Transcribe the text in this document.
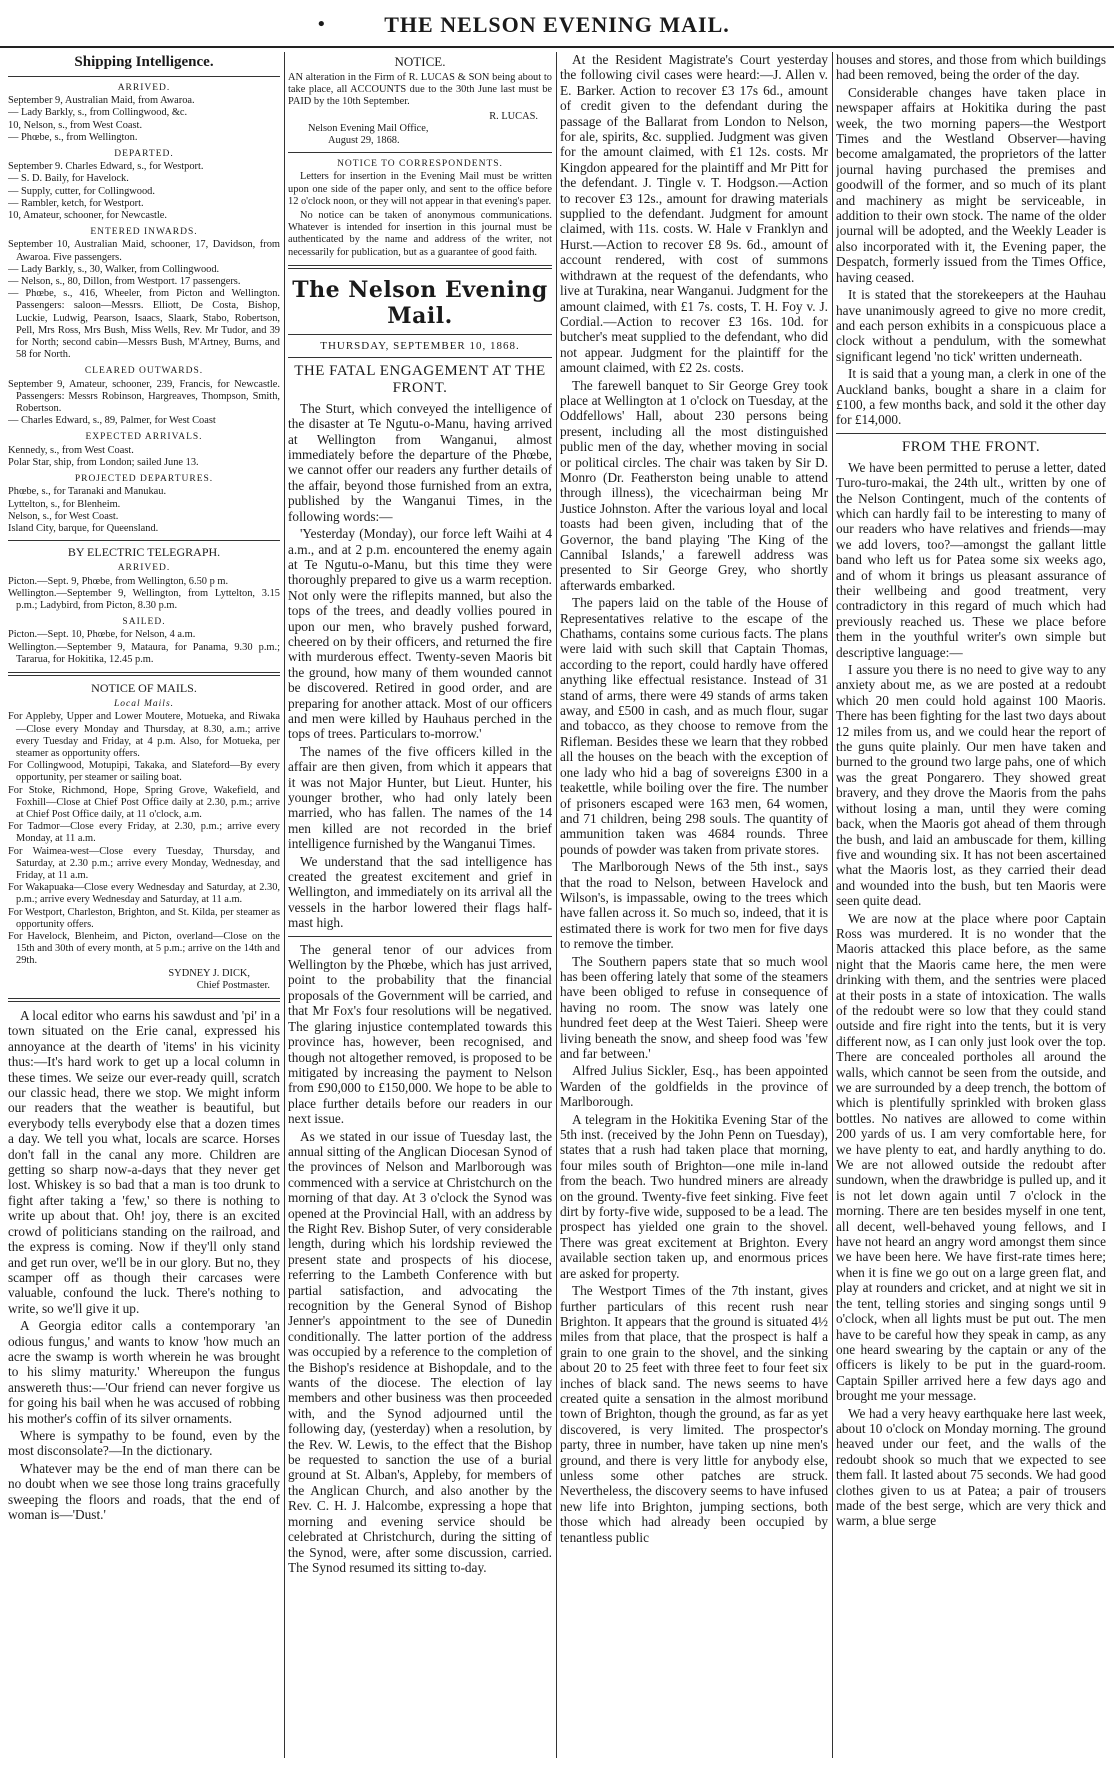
•	THE NELSON EVENING MAIL.
Shipping Intelligence.
ARRIVED.
September 9, Australian Maid, from Awaroa.
— Lady Barkly, s., from Collingwood, &c.
10, Nelson, s., from West Coast.
— Phœbe, s., from Wellington.
DEPARTED.
September 9. Charles Edward, s., for Westport.
— S. D. Baily, for Havelock.
— Supply, cutter, for Collingwood.
— Rambler, ketch, for Westport.
10, Amateur, schooner, for Newcastle.
ENTERED INWARDS.
September 10, Australian Maid, schooner, 17, Davidson, from Awaroa. Five passengers.
— Lady Barkly, s., 30, Walker, from Collingwood.
— Nelson, s., 80, Dillon, from Westport. 17 passengers.
— Phœbe, s., 416, Wheeler, from Picton and Wellington. Passengers: saloon—Messrs. Elliott, De Costa, Bishop, Luckie, Ludwig, Pearson, Isaacs, Slaark, Stabo, Robertson, Pell, Mrs Ross, Mrs Bush, Miss Wells, Rev. Mr Tudor, and 39 for North; second cabin—Messrs Bush, M'Artney, Burns, and 58 for North.
CLEARED OUTWARDS.
September 9, Amateur, schooner, 239, Francis, for Newcastle. Passengers: Messrs Robinson, Hargreaves, Thompson, Smith, Robertson.
— Charles Edward, s., 89, Palmer, for West Coast
EXPECTED ARRIVALS.
Kennedy, s., from West Coast.
Polar Star, ship, from London; sailed June 13.
PROJECTED DEPARTURES.
Phœbe, s., for Taranaki and Manukau.
Lyttelton, s., for Blenheim.
Nelson, s., for West Coast.
Island City, barque, for Queensland.
BY ELECTRIC TELEGRAPH.
ARRIVED.
Picton.—Sept. 9, Phœbe, from Wellington, 6.50 p m.
Wellington.—September 9, Wellington, from Lyttelton, 3.15 p.m.; Ladybird, from Picton, 8.30 p.m.
SAILED.
Picton.—Sept. 10, Phœbe, for Nelson, 4 a.m.
Wellington.—September 9, Mataura, for Panama, 9.30 p.m.; Tararua, for Hokitika, 12.45 p.m.
NOTICE OF MAILS.
Local Mails.
For Appleby, Upper and Lower Moutere, Motueka, and Riwaka—Close every Monday and Thursday, at 8.30, a.m.; arrive every Tuesday and Friday, at 4 p.m. Also, for Motueka, per steamer as opportunity offers.
For Collingwood, Motupipi, Takaka, and Slateford—By every opportunity, per steamer or sailing boat.
For Stoke, Richmond, Hope, Spring Grove, Wakefield, and Foxhill—Close at Chief Post Office daily at 2.30, p.m.; arrive at Chief Post Office daily, at 11 o'clock, a.m.
For Tadmor—Close every Friday, at 2.30, p.m.; arrive every Monday, at 11 a.m.
For Waimea-west—Close every Tuesday, Thursday, and Saturday, at 2.30 p.m.; arrive every Monday, Wednesday, and Friday, at 11 a.m.
For Wakapuaka—Close every Wednesday and Saturday, at 2.30, p.m.; arrive every Wednesday and Saturday, at 11 a.m.
For Westport, Charleston, Brighton, and St. Kilda, per steamer as opportunity offers.
For Havelock, Blenheim, and Picton, overland—Close on the 15th and 30th of every month, at 5 p.m.; arrive on the 14th and 29th.
SYDNEY J. DICK,
Chief Postmaster.

A local editor who earns his sawdust and 'pi' in a town situated on the Erie canal, expressed his annoyance at the dearth of 'items' in his vicinity thus:—It's hard work to get up a local column in these times. We seize our ever-ready quill, scratch our classic head, there we stop. We might inform our readers that the weather is beautiful, but everybody tells everybody else that a dozen times a day. We tell you what, locals are scarce. Horses don't fall in the canal any more. Children are getting so sharp now-a-days that they never get lost. Whiskey is so bad that a man is too drunk to fight after taking a 'few,' so there is nothing to write up about that. Oh! joy, there is an excited crowd of politicians standing on the railroad, and the express is coming. Now if they'll only stand and get run over, we'll be in our glory. But no, they scamper off as though their carcases were valuable, confound the luck. There's nothing to write, so we'll give it up.

A Georgia editor calls a contemporary 'an odious fungus,' and wants to know 'how much an acre the swamp is worth wherein he was brought to his slimy maturity.' Whereupon the fungus answereth thus:—'Our friend can never forgive us for going his bail when he was accused of robbing his mother's coffin of its silver ornaments.

Where is sympathy to be found, even by the most disconsolate?—In the dictionary.

Whatever may be the end of man there can be no doubt when we see those long trains gracefully sweeping the floors and roads, that the end of woman is—'Dust.'

NOTICE.

AN alteration in the Firm of R. LUCAS & SON being about to take place, all ACCOUNTS due to the 30th June last must be PAID by the 10th September.

R. LUCAS.
Nelson Evening Mail Office,
August 29, 1868.
NOTICE TO CORRESPONDENTS.

Letters for insertion in the Evening Mail must be written upon one side of the paper only, and sent to the office before 12 o'clock noon, or they will not appear in that evening's paper.

No notice can be taken of anonymous communications. Whatever is intended for insertion in this journal must be authenticated by the name and address of the writer, not necessarily for publication, but as a guarantee of good faith.

The Nelson Evening Mail.
THURSDAY, SEPTEMBER 10, 1868.
THE FATAL ENGAGEMENT AT THE FRONT.

The Sturt, which conveyed the intelligence of the disaster at Te Ngutu-o-Manu, having arrived at Wellington from Wanganui, almost immediately before the departure of the Phœbe, we cannot offer our readers any further details of the affair, beyond those furnished from an extra, published by the Wanganui Times, in the following words:—

'Yesterday (Monday), our force left Waihi at 4 a.m., and at 2 p.m. encountered the enemy again at Te Ngutu-o-Manu, but this time they were thoroughly prepared to give us a warm reception. Not only were the riflepits manned, but also the tops of the trees, and deadly vollies poured in upon our men, who bravely pushed forward, cheered on by their officers, and returned the fire with murderous effect. Twenty-seven Maoris bit the ground, how many of them wounded cannot be discovered. Retired in good order, and are preparing for another attack. Most of our officers and men were killed by Hauhaus perched in the tops of trees. Particulars to-morrow.'

The names of the five officers killed in the affair are then given, from which it appears that it was not Major Hunter, but Lieut. Hunter, his younger brother, who had only lately been married, who has fallen. The names of the 14 men killed are not recorded in the brief intelligence furnished by the Wanganui Times.

We understand that the sad intelligence has created the greatest excitement and grief in Wellington, and immediately on its arrival all the vessels in the harbor lowered their flags half-mast high.

The general tenor of our advices from Wellington by the Phœbe, which has just arrived, point to the probability that the financial proposals of the Government will be carried, and that Mr Fox's four resolutions will be negatived. The glaring injustice contemplated towards this province has, however, been recognised, and though not altogether removed, is proposed to be mitigated by increasing the payment to Nelson from £90,000 to £150,000. We hope to be able to place further details before our readers in our next issue.

As we stated in our issue of Tuesday last, the annual sitting of the Anglican Diocesan Synod of the provinces of Nelson and Marlborough was commenced with a service at Christchurch on the morning of that day. At 3 o'clock the Synod was opened at the Provincial Hall, with an address by the Right Rev. Bishop Suter, of very considerable length, during which his lordship reviewed the present state and prospects of his diocese, referring to the Lambeth Conference with but partial satisfaction, and advocating the recognition by the General Synod of Bishop Jenner's appointment to the see of Dunedin conditionally. The latter portion of the address was occupied by a reference to the completion of the Bishop's residence at Bishopdale, and to the wants of the diocese. The election of lay members and other business was then proceeded with, and the Synod adjourned until the following day, (yesterday) when a resolution, by the Rev. W. Lewis, to the effect that the Bishop be requested to sanction the use of a burial ground at St. Alban's, Appleby, for members of the Anglican Church, and also another by the Rev. C. H. J. Halcombe, expressing a hope that morning and evening service should be celebrated at Christchurch, during the sitting of the Synod, were, after some discussion, carried. The Synod resumed its sitting to-day.

At the Resident Magistrate's Court yesterday the following civil cases were heard:—J. Allen v. E. Barker. Action to recover £3 17s 6d., amount of credit given to the defendant during the passage of the Ballarat from London to Nelson, for ale, spirits, &c. supplied. Judgment was given for the amount claimed, with £1 12s. costs. Mr Kingdon appeared for the plaintiff and Mr Pitt for the defendant. J. Tingle v. T. Hodgson.—Action to recover £3 12s., amount for drawing materials supplied to the defendant. Judgment for amount claimed, with 11s. costs. W. Hale v Franklyn and Hurst.—Action to recover £8 9s. 6d., amount of account rendered, with cost of summons withdrawn at the request of the defendants, who live at Turakina, near Wanganui. Judgment for the amount claimed, with £1 7s. costs, T. H. Foy v. J. Cordial.—Action to recover £3 16s. 10d. for butcher's meat supplied to the defendant, who did not appear. Judgment for the plaintiff for the amount claimed, with £2 2s. costs.

The farewell banquet to Sir George Grey took place at Wellington at 1 o'clock on Tuesday, at the Oddfellows' Hall, about 230 persons being present, including all the most distinguished public men of the day, whether moving in social or political circles. The chair was taken by Sir D. Monro (Dr. Featherston being unable to attend through illness), the vicechairman being Mr Justice Johnston. After the various loyal and local toasts had been given, including that of the Governor, the band playing 'The King of the Cannibal Islands,' a farewell address was presented to Sir George Grey, who shortly afterwards embarked.

The papers laid on the table of the House of Representatives relative to the escape of the Chathams, contains some curious facts. The plans were laid with such skill that Captain Thomas, according to the report, could hardly have offered anything like effectual resistance. Instead of 31 stand of arms, there were 49 stands of arms taken away, and £500 in cash, and as much flour, sugar and tobacco, as they choose to remove from the Rifleman. Besides these we learn that they robbed all the houses on the beach with the exception of one lady who hid a bag of sovereigns £300 in a teakettle, while boiling over the fire. The number of prisoners escaped were 163 men, 64 women, and 71 children, being 298 souls. The quantity of ammunition taken was 4684 rounds. Three pounds of powder was taken from private stores.

The Marlborough News of the 5th inst., says that the road to Nelson, between Havelock and Wilson's, is impassable, owing to the trees which have fallen across it. So much so, indeed, that it is estimated there is work for two men for five days to remove the timber.

The Southern papers state that so much wool has been offering lately that some of the steamers have been obliged to refuse in consequence of having no room. The snow was lately one hundred feet deep at the West Taieri. Sheep were living beneath the snow, and sheep food was 'few and far between.'

Alfred Julius Sickler, Esq., has been appointed Warden of the goldfields in the province of Marlborough.

A telegram in the Hokitika Evening Star of the 5th inst. (received by the John Penn on Tuesday), states that a rush had taken place that morning, four miles south of Brighton—one mile in-land from the beach. Two hundred miners are already on the ground. Twenty-five feet sinking. Five feet dirt by forty-five wide, supposed to be a lead. The prospect has yielded one grain to the shovel. There was great excitement at Brighton. Every available section taken up, and enormous prices are asked for property.

The Westport Times of the 7th instant, gives further particulars of this recent rush near Brighton. It appears that the ground is situated 4½ miles from that place, that the prospect is half a grain to one grain to the shovel, and the sinking about 20 to 25 feet with three feet to four feet six inches of black sand. The news seems to have created quite a sensation in the almost moribund town of Brighton, though the ground, as far as yet discovered, is very limited. The prospector's party, three in number, have taken up nine men's ground, and there is very little for anybody else, unless some other patches are struck. Nevertheless, the discovery seems to have infused new life into Brighton, jumping sections, both those which had already been occupied by tenantless public

houses and stores, and those from which buildings had been removed, being the order of the day.

Considerable changes have taken place in newspaper affairs at Hokitika during the past week, the two morning papers—the Westport Times and the Westland Observer—having become amalgamated, the proprietors of the latter journal having purchased the premises and goodwill of the former, and so much of its plant and machinery as might be serviceable, in addition to their own stock. The name of the older journal will be adopted, and the Weekly Leader is also incorporated with it, the Evening paper, the Despatch, formerly issued from the Times Office, having ceased.

It is stated that the storekeepers at the Hauhau have unanimously agreed to give no more credit, and each person exhibits in a conspicuous place a clock without a pendulum, with the somewhat significant legend 'no tick' written underneath.

It is said that a young man, a clerk in one of the Auckland banks, bought a share in a claim for £100, a few months back, and sold it the other day for £14,000.

FROM THE FRONT.

We have been permitted to peruse a letter, dated Turo-turo-makai, the 24th ult., written by one of the Nelson Contingent, much of the contents of which can hardly fail to be interesting to many of our readers who have relatives and friends—may we add lovers, too?—amongst the gallant little band who left us for Patea some six weeks ago, and of whom it brings us pleasant assurance of their wellbeing and good treatment, very contradictory in this regard of much which had previously reached us. These we place before them in the youthful writer's own simple but descriptive language:—

I assure you there is no need to give way to any anxiety about me, as we are posted at a redoubt which 20 men could hold against 100 Maoris. There has been fighting for the last two days about 12 miles from us, and we could hear the report of the guns quite plainly. Our men have taken and burned to the ground two large pahs, one of which was the great Pongarero. They showed great bravery, and they drove the Maoris from the pahs without losing a man, until they were coming back, when the Maoris got ahead of them through the bush, and laid an ambuscade for them, killing five and wounding six. It has not been ascertained what the Maoris lost, as they carried their dead and wounded into the bush, but ten Maoris were seen quite dead.

We are now at the place where poor Captain Ross was murdered. It is no wonder that the Maoris attacked this place before, as the same night that the Maoris came here, the men were drinking with them, and the sentries were placed at their posts in a state of intoxication. The walls of the redoubt were so low that they could stand outside and fire right into the tents, but it is very different now, as I can only just look over the top. There are concealed portholes all around the walls, which cannot be seen from the outside, and we are surrounded by a deep trench, the bottom of which is plentifully sprinkled with broken glass bottles. No natives are allowed to come within 200 yards of us. I am very comfortable here, for we have plenty to eat, and hardly anything to do. We are not allowed outside the redoubt after sundown, when the drawbridge is pulled up, and it is not let down again until 7 o'clock in the morning. There are ten besides myself in one tent, all decent, well-behaved young fellows, and I have not heard an angry word amongst them since we have been here. We have first-rate times here; when it is fine we go out on a large green flat, and play at rounders and cricket, and at night we sit in the tent, telling stories and singing songs until 9 o'clock, when all lights must be put out. The men have to be careful how they speak in camp, as any one heard swearing by the captain or any of the officers is likely to be put in the guard-room. Captain Spiller arrived here a few days ago and brought me your message.

We had a very heavy earthquake here last week, about 10 o'clock on Monday morning. The ground heaved under our feet, and the walls of the redoubt shook so much that we expected to see them fall. It lasted about 75 seconds. We had good clothes given to us at Patea; a pair of trousers made of the best serge, which are very thick and warm, a blue serge
